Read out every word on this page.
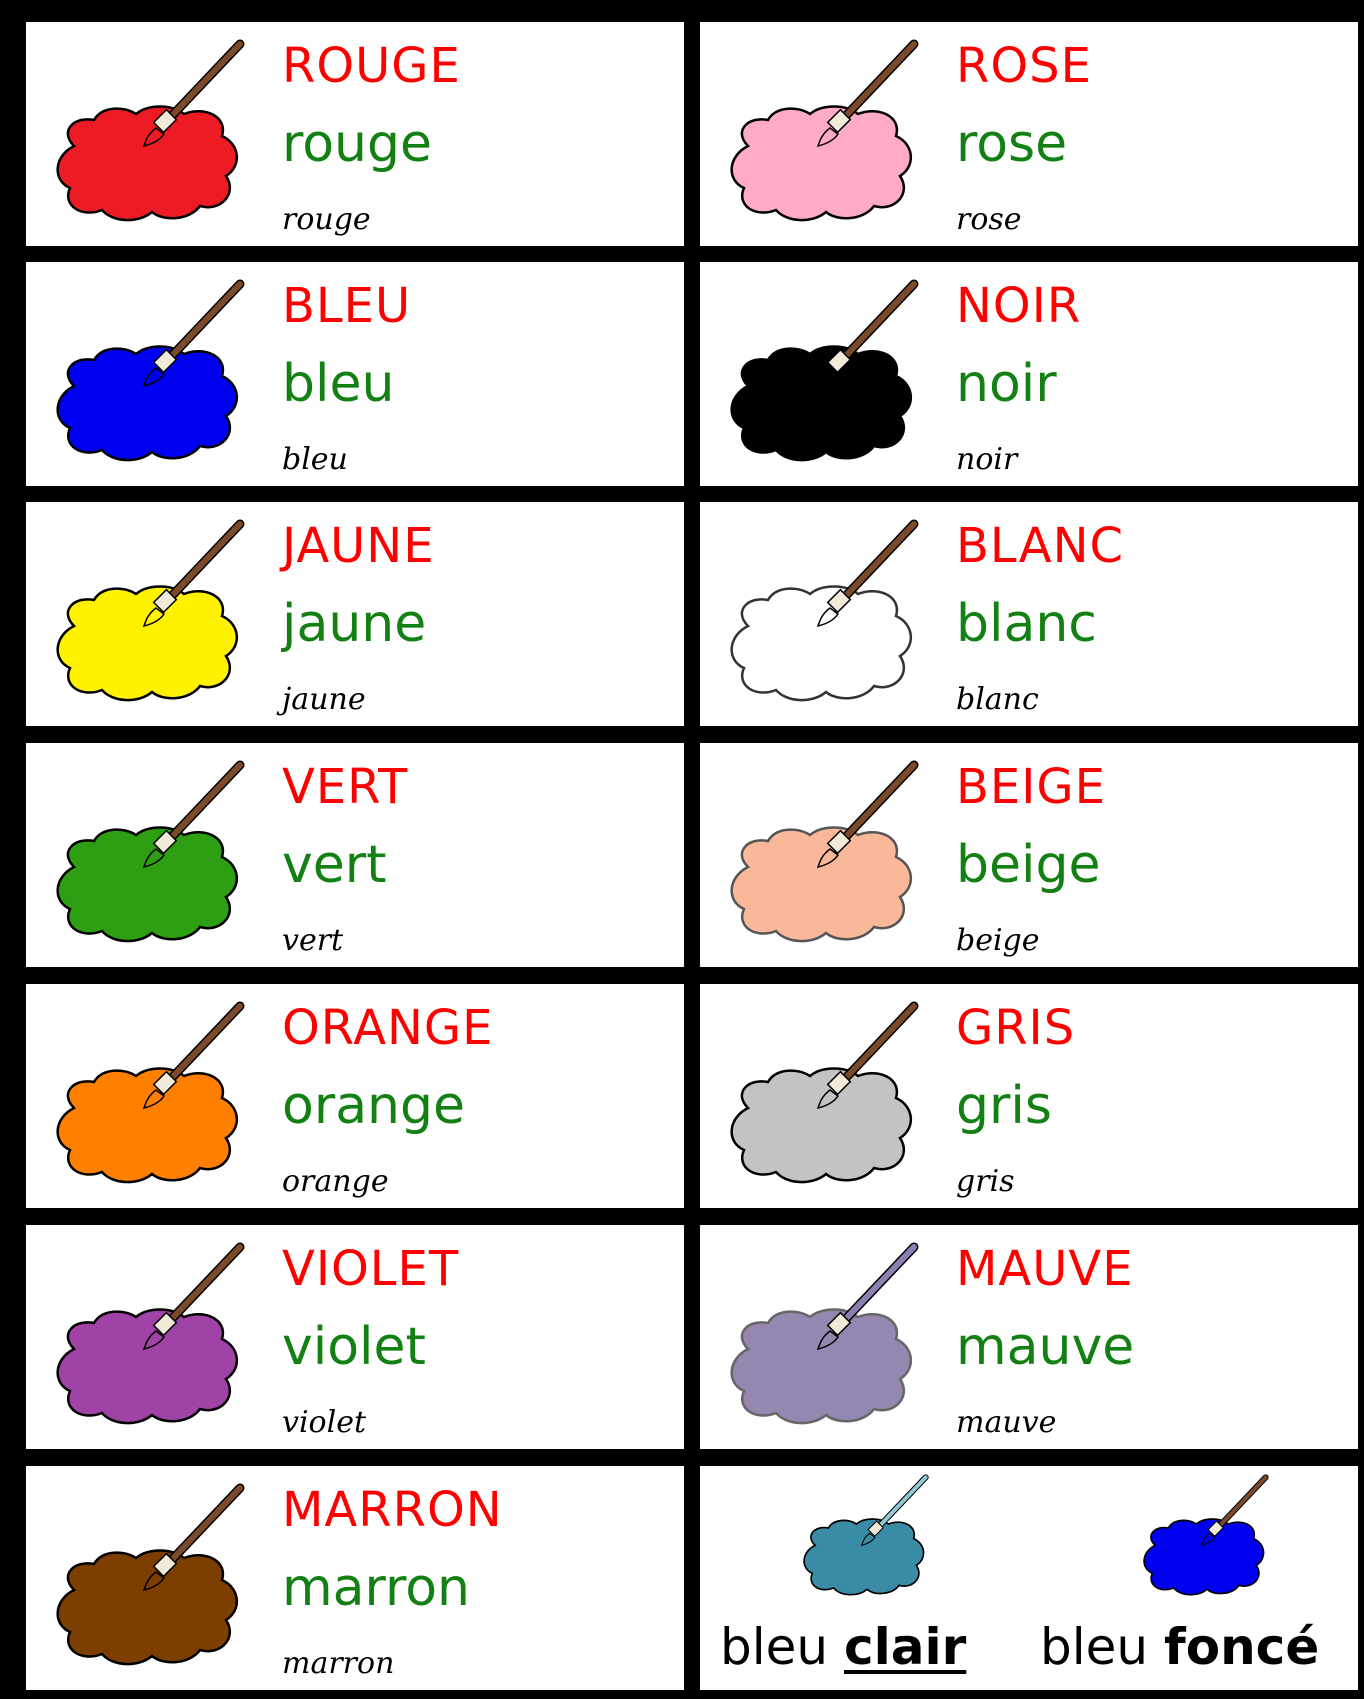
ROUGE
rouge
rouge
ROSE
rose
rose
BLEU
bleu
bleu
NOIR
noir
noir
JAUNE
jaune
jaune
BLANC
blanc
blanc
VERT
vert
vert
BEIGE
beige
beige
ORANGE
orange
orange
GRIS
gris
gris
VIOLET
violet
violet
MAUVE
mauve
mauve
MARRON
marron
marron	bleu clair bleu foncé
